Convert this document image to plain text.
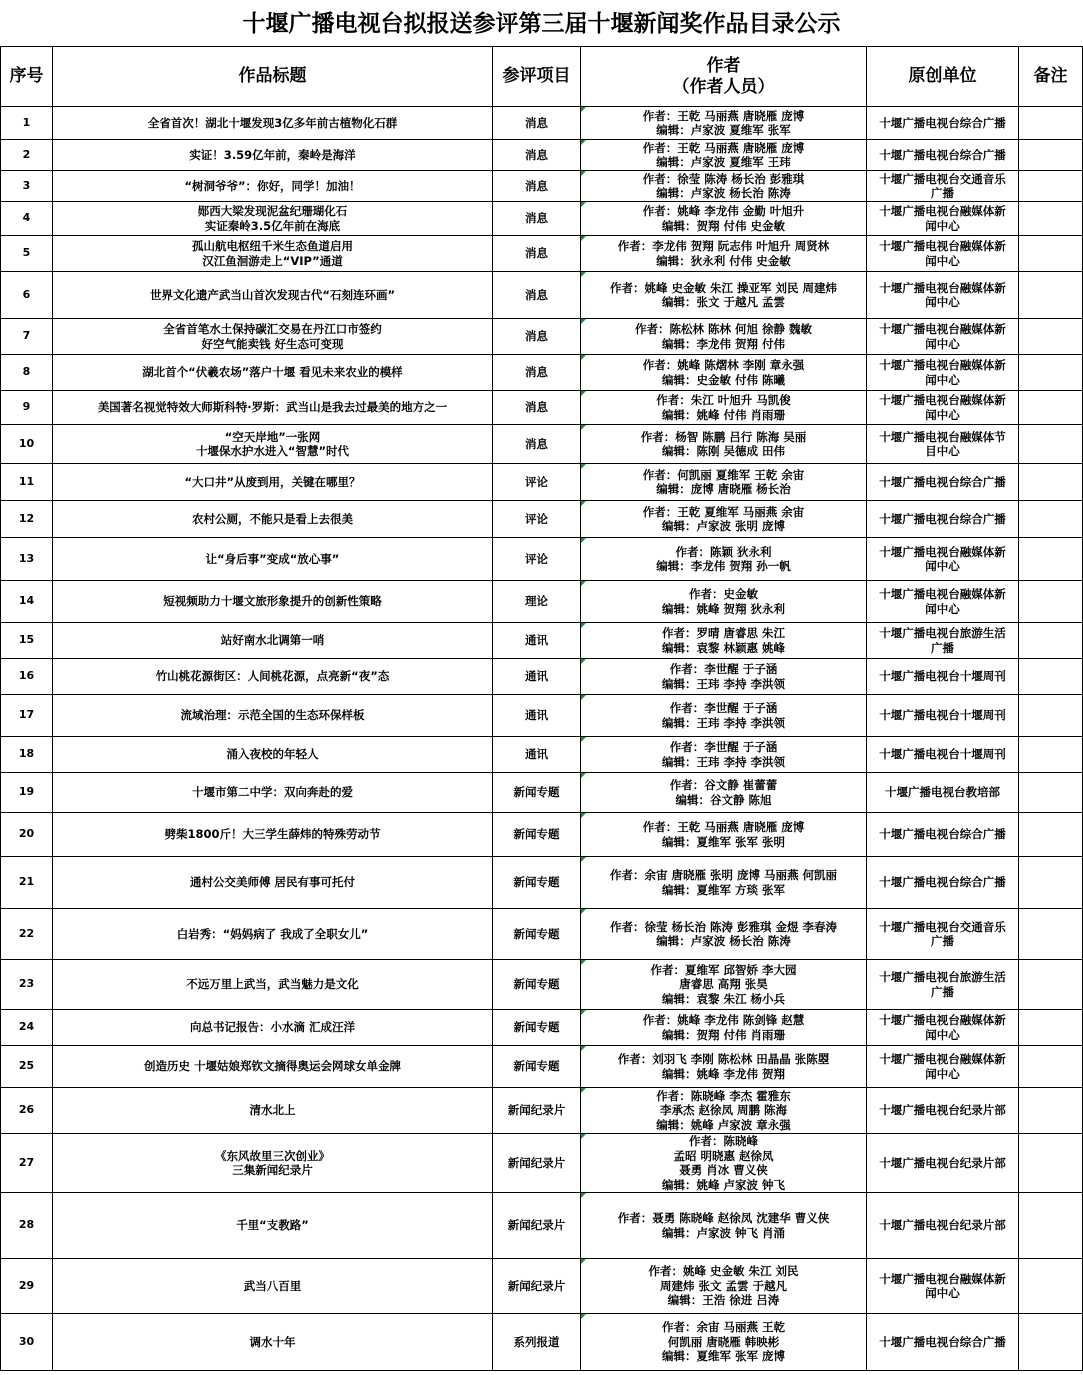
十堰广播电视台拟报送参评第三届十堰新闻奖作品目录公示
序号	作品标题	参评项目	作者
（作者人员）	原创单位	备注
1	全省首次！湖北十堰发现3亿多年前古植物化石群	消息	作者：王乾 马丽燕 唐晓雁 庞博
编辑：卢家波 夏维军 张军	十堰广播电视台综合广播	

2	实证！3.59亿年前，秦岭是海洋	消息	作者：王乾 马丽燕 唐晓雁 庞博
编辑：卢家波 夏维军 王玮	十堰广播电视台综合广播	

3	“树洞爷爷”：你好，同学！加油！	消息	作者：徐莹 陈涛 杨长治 彭雅琪
编辑：卢家波 杨长治 陈涛	十堰广播电视台交通音乐
广播	

4	郧西大梁发现泥盆纪珊瑚化石
实证秦岭3.5亿年前在海底	消息	作者：姚峰 李龙伟 金勤 叶旭升
编辑：贺翔 付伟 史金敏	十堰广播电视台融媒体新
闻中心	

5	孤山航电枢纽千米生态鱼道启用
汉江鱼洄游走上“VIP”通道	消息	作者：李龙伟 贺翔 阮志伟 叶旭升 周贤林
编辑：狄永利 付伟 史金敏	十堰广播电视台融媒体新
闻中心	

6	世界文化遗产武当山首次发现古代“石刻连环画”	消息	作者：姚峰 史金敏 朱江 操亚军 刘民 周建炜
编辑：张文 于越凡 孟雲	十堰广播电视台融媒体新
闻中心	

7	全省首笔水土保持碳汇交易在丹江口市签约
好空气能卖钱 好生态可变现	消息	作者：陈松林 陈林 何旭 徐静 魏敏
编辑：李龙伟 贺翔 付伟	十堰广播电视台融媒体新
闻中心	

8	湖北首个“伏羲农场”落户十堰 看见未来农业的模样	消息	作者：姚峰 陈熠林 李刚 章永强
编辑：史金敏 付伟 陈曦	十堰广播电视台融媒体新
闻中心	

9	美国著名视觉特效大师斯科特·罗斯：武当山是我去过最美的地方之一	消息	作者：朱江 叶旭升 马凯俊
编辑：姚峰 付伟 肖雨珊	十堰广播电视台融媒体新
闻中心	

10	“空天岸地”一张网
十堰保水护水进入“智慧”时代	消息	作者：杨智 陈鹏 吕行 陈海 吴丽
编辑：陈刚 吴德成 田伟	十堰广播电视台融媒体节
目中心	

11	“大口井”从废到用，关键在哪里？	评论	作者：何凯丽 夏维军 王乾 余宙
编辑：庞博 唐晓雁 杨长治	十堰广播电视台综合广播	

12	农村公厕，不能只是看上去很美	评论	作者：王乾 夏维军 马丽燕 余宙
编辑：卢家波 张明 庞博	十堰广播电视台综合广播	

13	让“身后事”变成“放心事”	评论	作者：陈颖 狄永利
编辑：李龙伟 贺翔 孙一帆	十堰广播电视台融媒体新
闻中心	

14	短视频助力十堰文旅形象提升的创新性策略	理论	作者：史金敏
编辑：姚峰 贺翔 狄永利	十堰广播电视台融媒体新
闻中心	

15	站好南水北调第一哨	通讯	作者：罗晴 唐睿思 朱江
编辑：袁黎 林颖惠 姚峰	十堰广播电视台旅游生活
广播	

16	竹山桃花源街区：人间桃花源，点亮新“夜”态	通讯	作者：李世醒 于子涵
编辑：王玮 李持 李洪领	十堰广播电视台十堰周刊	

17	流域治理：示范全国的生态环保样板	通讯	作者：李世醒 于子涵
编辑：王玮 李持 李洪领	十堰广播电视台十堰周刊	

18	涌入夜校的年轻人	通讯	作者：李世醒 于子涵
编辑：王玮 李持 李洪领	十堰广播电视台十堰周刊	

19	十堰市第二中学：双向奔赴的爱	新闻专题	作者：谷文静 崔蕾蕾
编辑：谷文静 陈旭	十堰广播电视台教培部	

20	劈柴1800斤！大三学生薛炜的特殊劳动节	新闻专题	作者：王乾 马丽燕 唐晓雁 庞博
编辑：夏维军 张军 张明	十堰广播电视台综合广播	

21	通村公交美师傅 居民有事可托付	新闻专题	作者：余宙 唐晓雁 张明 庞博 马丽燕 何凯丽
编辑：夏维军 方琰 张军	十堰广播电视台综合广播	

22	白岩秀：“妈妈病了 我成了全职女儿”	新闻专题	作者：徐莹 杨长治 陈涛 彭雅琪 金煜 李春涛
编辑：卢家波 杨长治 陈涛	十堰广播电视台交通音乐
广播	

23	不远万里上武当，武当魅力是文化	新闻专题	作者：夏维军 邱智娇 李大园
唐睿思 高翔 张昊
编辑：袁黎 朱江 杨小兵	十堰广播电视台旅游生活
广播	

24	向总书记报告：小水滴 汇成汪洋	新闻专题	作者：姚峰 李龙伟 陈剑锋 赵慧
编辑：贺翔 付伟 肖雨珊	十堰广播电视台融媒体新
闻中心	

25	创造历史 十堰姑娘郑钦文摘得奥运会网球女单金牌	新闻专题	作者：刘羽飞 李刚 陈松林 田晶晶 张陈曌
编辑：姚峰 李龙伟 贺翔	十堰广播电视台融媒体新
闻中心	

26	清水北上	新闻纪录片	作者：陈晓峰 李杰 霍雅东
李承杰 赵徐凤 周鹏 陈海
编辑：姚峰 卢家波 章永强	十堰广播电视台纪录片部	

27	《东风故里三次创业》
三集新闻纪录片	新闻纪录片	作者：陈晓峰
孟昭 明晓惠 赵徐凤
聂勇 肖冰 曹义侠
编辑：姚峰 卢家波 钟飞	十堰广播电视台纪录片部	

28	千里“支教路”	新闻纪录片	作者：聂勇 陈晓峰 赵徐凤 沈建华 曹义侠
编辑：卢家波 钟飞 肖涌	十堰广播电视台纪录片部	

29	武当八百里	新闻纪录片	作者：姚峰 史金敏 朱江 刘民
周建炜 张文 孟雲 于越凡
编辑：王浩 徐进 吕涛	十堰广播电视台融媒体新
闻中心	

30	调水十年	系列报道	作者：余宙 马丽燕 王乾
何凯丽 唐晓雁 韩映彬
编辑：夏维军 张军 庞博	十堰广播电视台综合广播	
